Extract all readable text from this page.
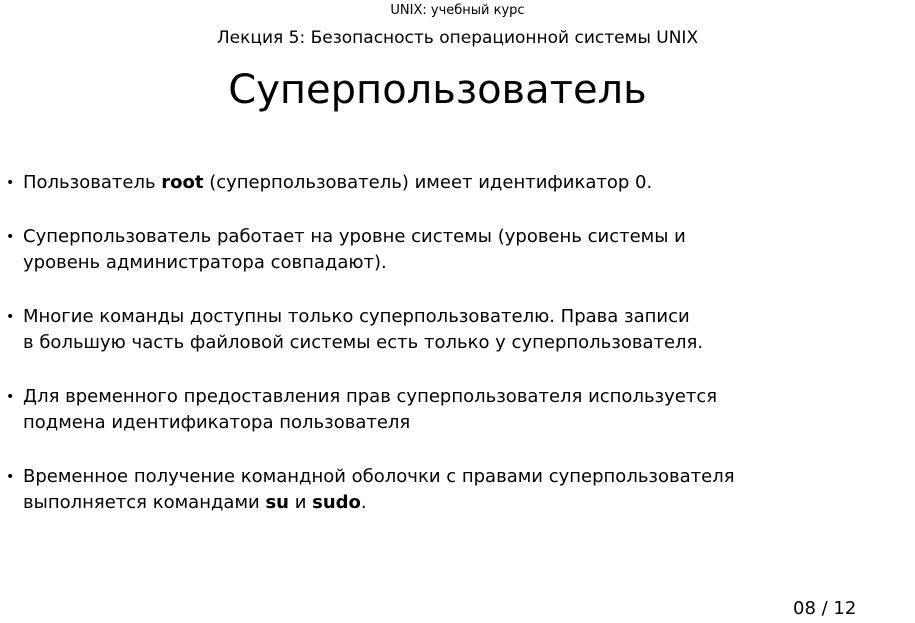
UNIX: учебный курс
Лекция 5: Безопасность операционной системы UNIX
Суперпользователь
• Пользователь root (суперпользователь) имеет идентификатор 0.
• Суперпользователь работает на уровне системы (уровень системы и
уровень администратора совпадают).
• Многие команды доступны только суперпользователю. Права записи
в большую часть файловой системы есть только у суперпользователя.
• Для временного предоставления прав суперпользователя используется
подмена идентификатора пользователя
• Временное получение командной оболочки с правами суперпользователя
выполняется командами su и sudo.
08 / 12
